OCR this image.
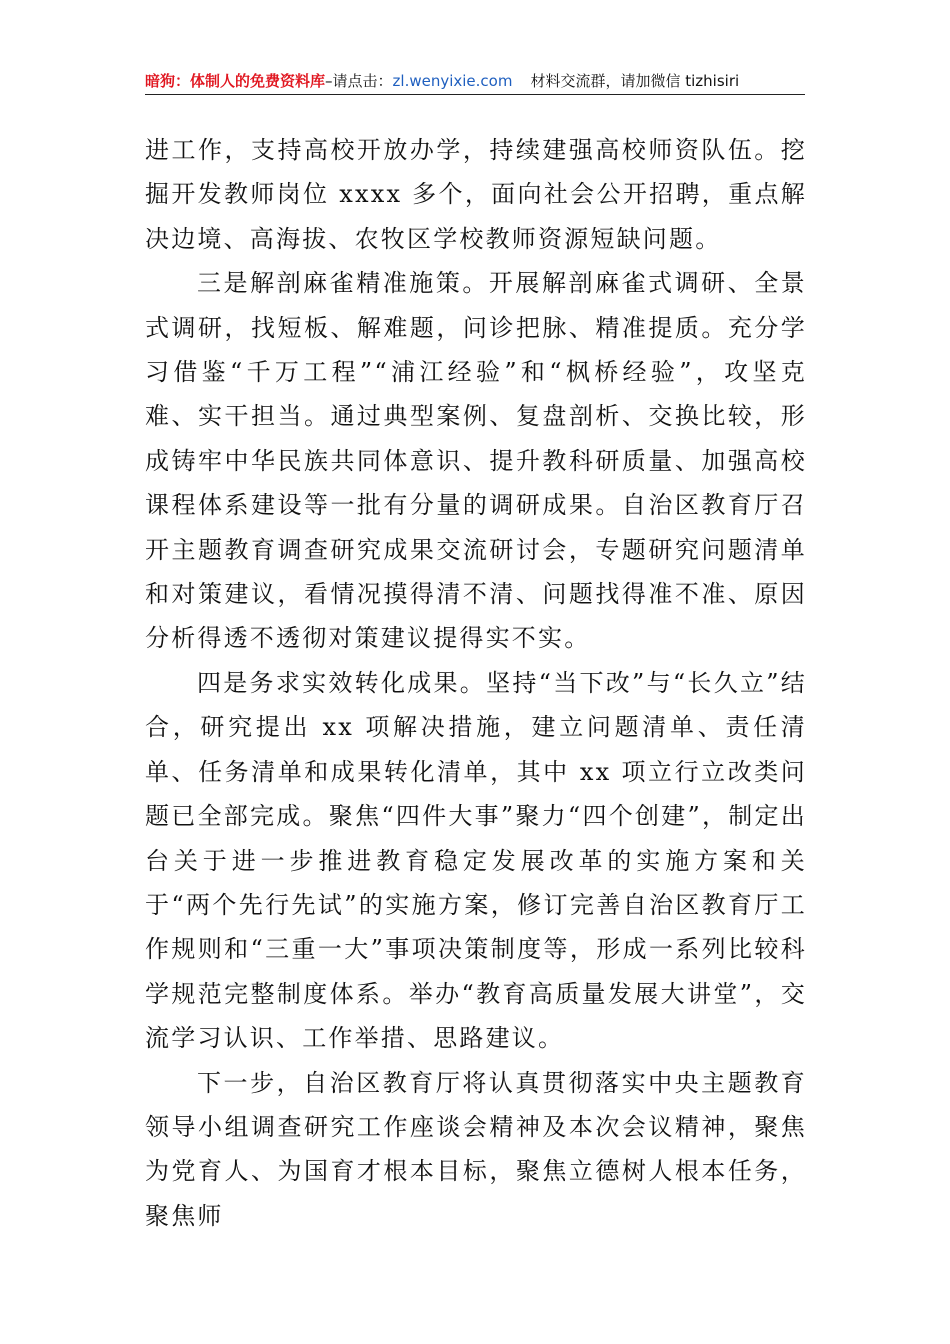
暗狗：体制人的免费资料库–请点击：zl.wenyixie.com 材料交流群，请加微信 tizhisiri

进工作，支持高校开放办学，持续建强高校师资队伍。挖掘开发教师岗位 xxxx 多个，面向社会公开招聘，重点解决边境、高海拔、农牧区学校教师资源短缺问题。

三是解剖麻雀精准施策。开展解剖麻雀式调研、全景式调研，找短板、解难题，问诊把脉、精准提质。充分学习借鉴“千万工程”“浦江经验”和“枫桥经验”，攻坚克难、实干担当。通过典型案例、复盘剖析、交换比较，形成铸牢中华民族共同体意识、提升教科研质量、加强高校课程体系建设等一批有分量的调研成果。自治区教育厅召开主题教育调查研究成果交流研讨会，专题研究问题清单和对策建议，看情况摸得清不清、问题找得准不准、原因分析得透不透彻对策建议提得实不实。

四是务求实效转化成果。坚持“当下改”与“长久立”结合，研究提出 xx 项解决措施，建立问题清单、责任清单、任务清单和成果转化清单，其中 xx 项立行立改类问题已全部完成。聚焦“四件大事”聚力“四个创建”，制定出台关于进一步推进教育稳定发展改革的实施方案和关于“两个先行先试”的实施方案，修订完善自治区教育厅工作规则和“三重一大”事项决策制度等，形成一系列比较科学规范完整制度体系。举办“教育高质量发展大讲堂”，交流学习认识、工作举措、思路建议。

下一步，自治区教育厅将认真贯彻落实中央主题教育领导小组调查研究工作座谈会精神及本次会议精神，聚焦为党育人、为国育才根本目标，聚焦立德树人根本任务，聚焦师
